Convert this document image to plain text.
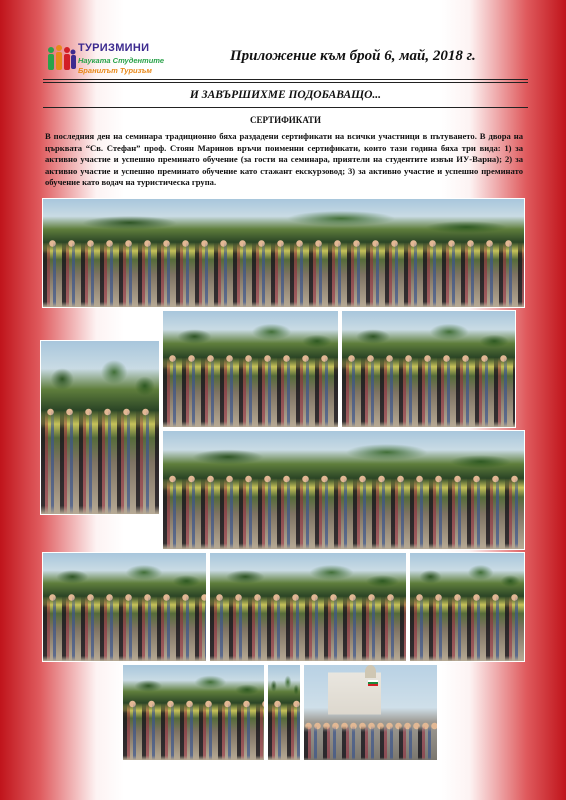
ТУРИЗМИНИ
Науката Студентите
Бранилът Туризъм
Приложение към брой 6, май, 2018 г.
И ЗАВЪРШИХМЕ ПОДОБАВАЩО...
СЕРТИФИКАТИ
В последния ден на семинара традиционно бяха раздадени сертификати на всички участници в пътуването. В двора на църквата “Св. Стефан” проф. Стоян Маринов връчи поименни сертификати, които тази година бяха три вида: 1) за активно участие и успешно преминато обучение (за гости на семинара, приятели на студентите извън ИУ-Варна); 2) за активно участие и успешно преминато обучение като стажант екскурзовод; 3) за активно участие и успешно преминато обучение като водач на туристическа група.
